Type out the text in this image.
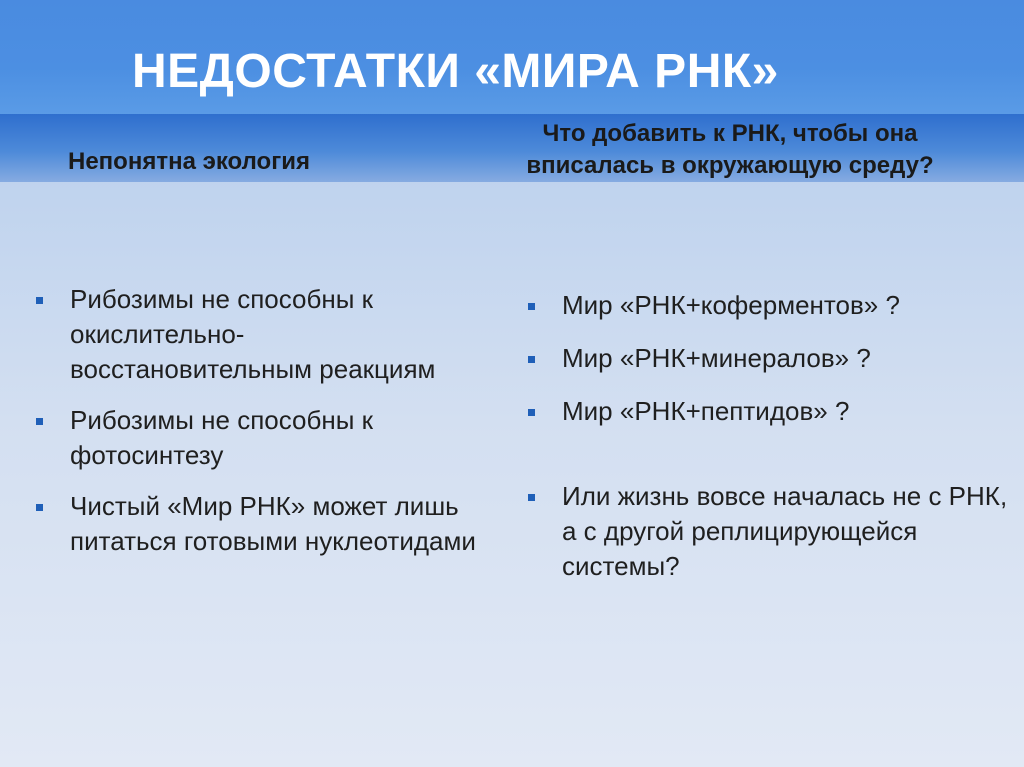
НЕДОСТАТКИ «МИРА РНК»
Непонятна экология
Что добавить к РНК, чтобы она вписалась в окружающую среду?
Рибозимы не способны к окислительно-восстановительным реакциям
Рибозимы не способны к фотосинтезу
Чистый «Мир РНК» может лишь питаться готовыми нуклеотидами
Мир «РНК+коферментов» ?
Мир «РНК+минералов» ?
Мир «РНК+пептидов» ?
Или жизнь вовсе началась не с РНК, а с другой реплицирующейся системы?
